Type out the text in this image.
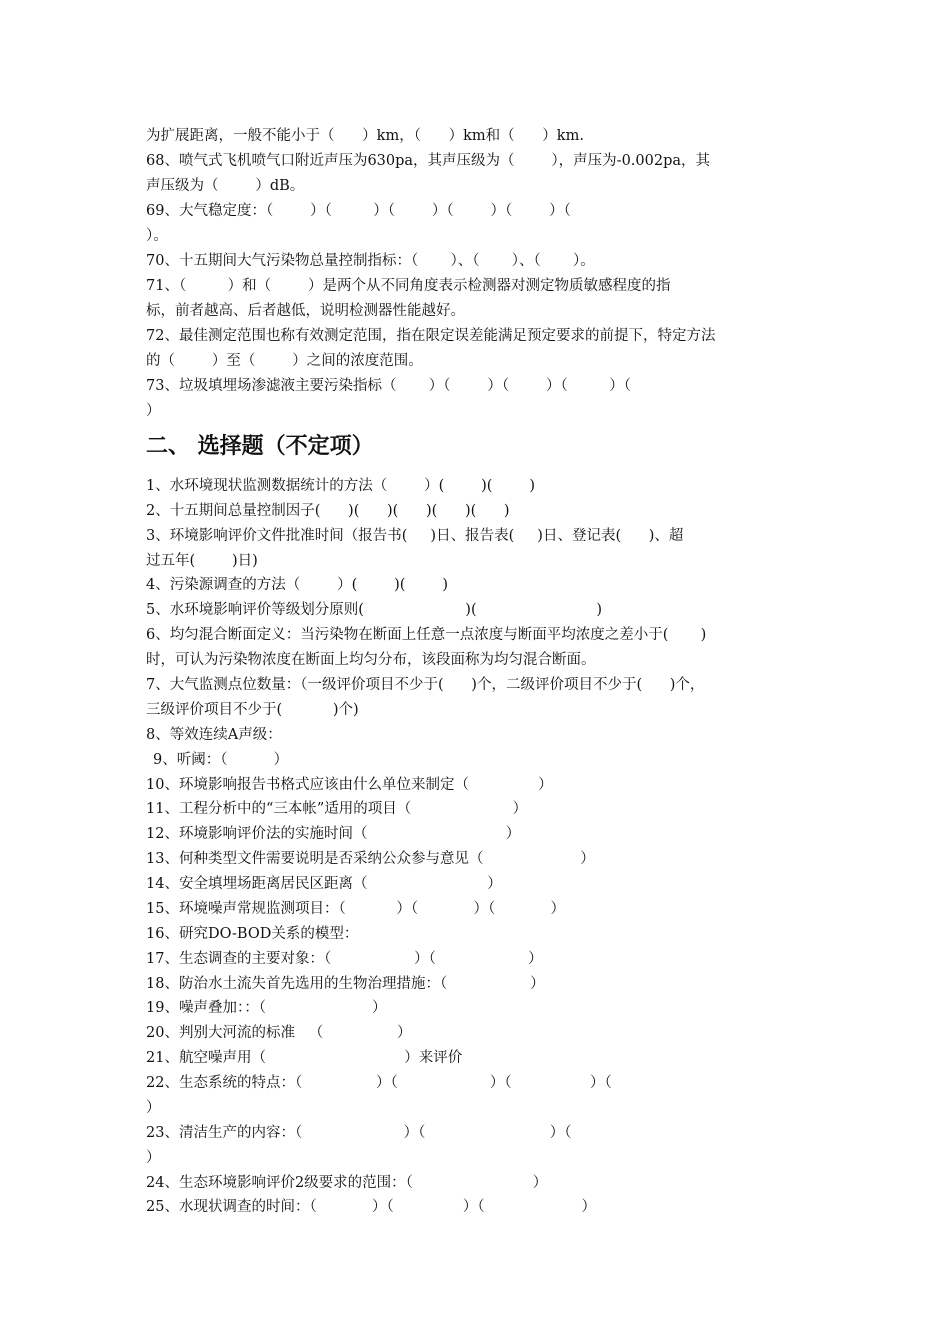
为扩展距离，一般不能小于（      ）km，（      ）km和（      ）km.
68、喷气式飞机喷气口附近声压为630pa，其声压级为（        ），声压为-0.002pa，其
声压级为（        ）dB。
69、大气稳定度：（        ）（         ）（        ）（        ）（        ）（
）。
70、十五期间大气污染物总量控制指标：（       ）、（       ）、（       ）。
71、（         ）和（        ）是两个从不同角度表示检测器对测定物质敏感程度的指
标，前者越高、后者越低，说明检测器性能越好。
72、最佳测定范围也称有效测定范围，指在限定误差能满足预定要求的前提下，特定方法
的（        ）至（        ）之间的浓度范围。
73、垃圾填埋场渗滤液主要污染指标（       ）（        ）（        ）（         ）（
）
二、 选择题（不定项）
1、水环境现状监测数据统计的方法（        ）(        )(        )
2、十五期间总量控制因子(      )(      )(      )(      )(      )
3、环境影响评价文件批准时间（报告书(     )日、报告表(     )日、登记表(      )、超
过五年(        )日)
4、污染源调查的方法（        ）(        )(        )
5、水环境影响评价等级划分原则(                      )(                          )
6、均匀混合断面定义：当污染物在断面上任意一点浓度与断面平均浓度之差小于(       )
时，可认为污染物浓度在断面上均匀分布，该段面称为均匀混合断面。
7、大气监测点位数量：（一级评价项目不少于(      )个，二级评价项目不少于(      )个，
三级评价项目不少于(           )个)
8、等效连续A声级：
9、听阈：（          ）
10、环境影响报告书格式应该由什么单位来制定（               ）
11、工程分析中的“三本帐”适用的项目（                      ）
12、环境影响评价法的实施时间（                              ）
13、何种类型文件需要说明是否采纳公众参与意见（                     ）
14、安全填埋场距离居民区距离（                          ）
15、环境噪声常规监测项目：（           ）（            ）（            ）
16、研究DO-BOD关系的模型：
17、生态调查的主要对象：（                  ）（                    ）
18、防治水土流失首先选用的生物治理措施：（                  ）
19、噪声叠加：：（                       ）
20、判别大河流的标准   （                ）
21、航空噪声用（                              ）来评价
22、生态系统的特点：（                ）（                    ）（                 ）（
）
23、清洁生产的内容：（                      ）（                           ）（
）
24、生态环境影响评价2级要求的范围：（                          ）
25、水现状调查的时间：（            ）（               ）（                     ）
